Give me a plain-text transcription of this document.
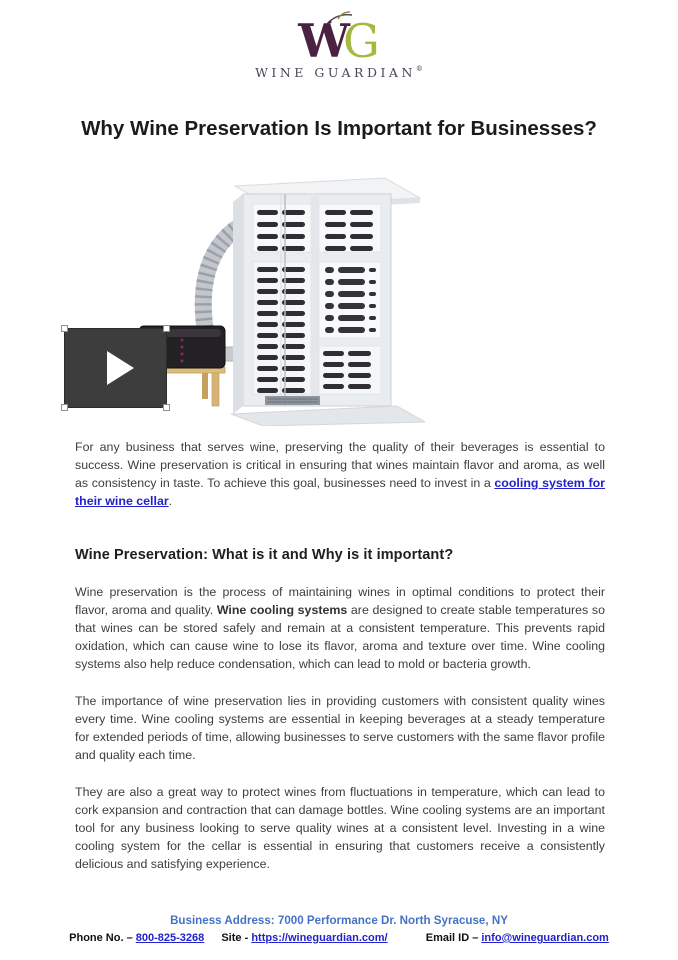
WG
WINE GUARDIAN®
Why Wine Preservation Is Important for Businesses?

For any business that serves wine, preserving the quality of their beverages is essential to success. Wine preservation is critical in ensuring that wines maintain flavor and aroma, as well as consistency in taste. To achieve this goal, businesses need to invest in a cooling system for their wine cellar.

Wine Preservation: What is it and Why is it important?

Wine preservation is the process of maintaining wines in optimal conditions to protect their flavor, aroma and quality. Wine cooling systems are designed to create stable temperatures so that wines can be stored safely and remain at a consistent temperature. This prevents rapid oxidation, which can cause wine to lose its flavor, aroma and texture over time. Wine cooling systems also help reduce condensation, which can lead to mold or bacteria growth.

The importance of wine preservation lies in providing customers with consistent quality wines every time. Wine cooling systems are essential in keeping beverages at a steady temperature for extended periods of time, allowing businesses to serve customers with the same flavor profile and quality each time.

They are also a great way to protect wines from fluctuations in temperature, which can lead to cork expansion and contraction that can damage bottles. Wine cooling systems are an important tool for any business looking to serve quality wines at a consistent level. Investing in a wine cooling system for the cellar is essential in ensuring that customers receive a consistently delicious and satisfying experience.

Business Address: 7000 Performance Dr. North Syracuse, NY
Phone No. – 800-825-3268 Site - https://wineguardian.com/	Email ID – info@wineguardian.com
